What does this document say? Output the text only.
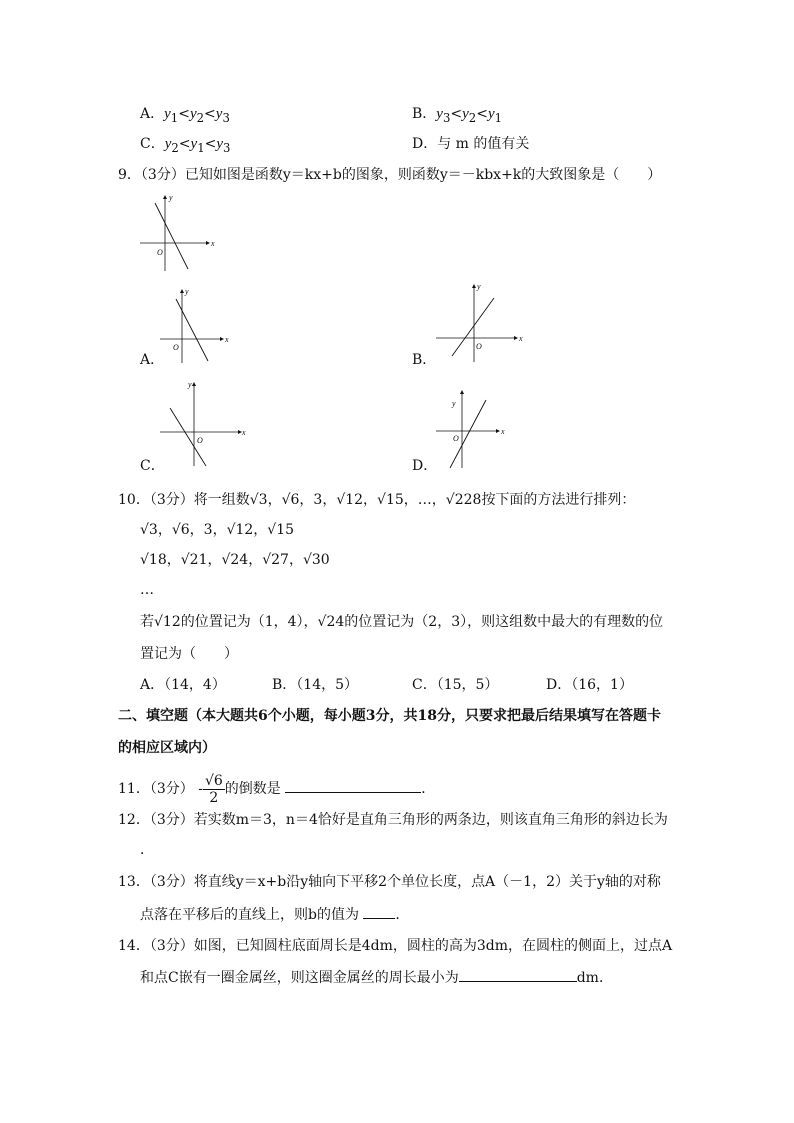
A．$y_1<y_2<y_3$	B．$y_3<y_2<y_1$
C．$y_2<y_1<y_3$	D．与 m 的值有关
9．（3分）已知如图是函数y＝kx+b的图象，则函数y＝－kbx+k的大致图象是（　　）
y
x
O
y
x
O
A．
y
x
O
B．
y
x
O
C．
y
x
O
D．
10．（3分）将一组数√3，√6，3，√12，√15，…，√228按下面的方法进行排列：
√3，√6，3，√12，√15
√18，√21，√24，√27，√30
…
若√12的位置记为（1，4），√24的位置记为（2，3），则这组数中最大的有理数的位
置记为（　　）
A．（14，4）	B．（14，5）	C．（15，5）	D．（16，1）
二、填空题（本大题共6个小题，每小题3分，共18分，只要求把最后结果填写在答题卡
的相应区域内）
11．（3分） - $\frac{√6}{2}$ 的倒数是	．
12．（3分）若实数m＝3，n＝4恰好是直角三角形的两条边，则该直角三角形的斜边长为
．
13．（3分）将直线y＝x+b沿y轴向下平移2个单位长度，点A（－1，2）关于y轴的对称
点落在平移后的直线上，则b的值为	．
14．（3分）如图，已知圆柱底面周长是4dm，圆柱的高为3dm，在圆柱的侧面上，过点A
和点C嵌有一圈金属丝，则这圈金属丝的周长最小为	dm．
